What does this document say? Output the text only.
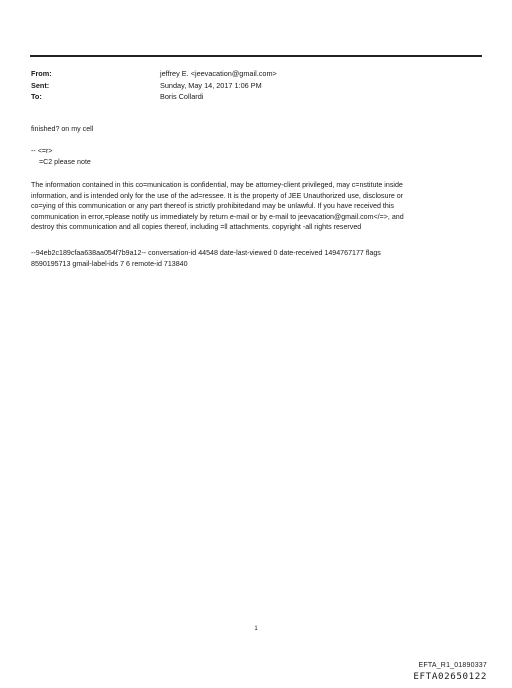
From:	jeffrey E. <jeevacation@gmail.com>
Sent:	Sunday, May 14, 2017 1:06 PM
To:	Boris Collardi
finished? on my cell
-- <=r>
=C2 please note
The information contained in this co=munication is confidential, may be attorney-client privileged, may c=nstitute inside
information, and is intended only for the use of the ad=ressee. It is the property of JEE Unauthorized use, disclosure or
co=ying of this communication or any part thereof is strictly prohibitedand may be unlawful. If you have received this
communication in error,=please notify us immediately by return e-mail or by e-mail to jeevacation@gmail.com</=>, and
destroy this communication and all copies thereof, including =ll attachments. copyright -all rights reserved
--94eb2c189cfaa638aa054f7b9a12-- conversation-id 44548 date-last-viewed 0 date-received 1494767177 flags
8590195713 gmail-label-ids 7 6 remote-id 713840
1
EFTA_R1_01890337
EFTA02650122
